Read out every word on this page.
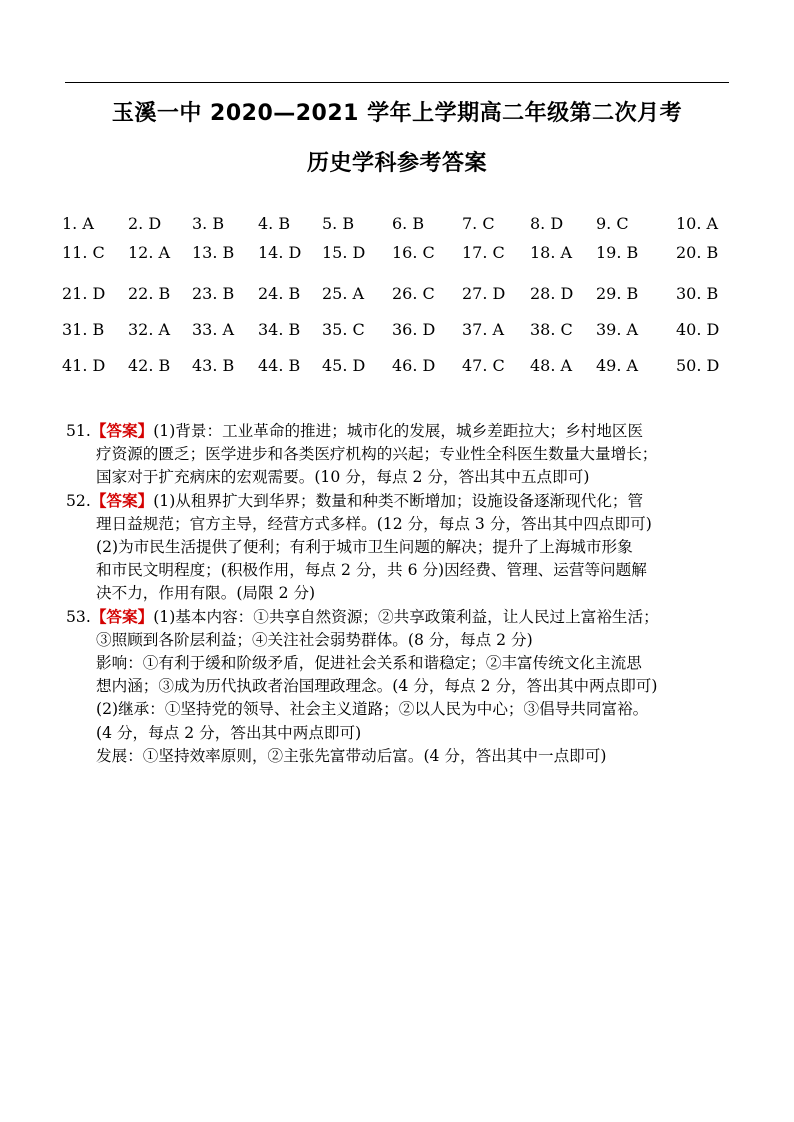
玉溪一中 2020—2021 学年上学期高二年级第二次月考
历史学科参考答案
1. A 2. D 3. B 4. B 5. B 6. B 7. C 8. D 9. C	10. A
11. C 12. A 13. B 14. D 15. D 16. C 17. C 18. A 19. B 20. B
21. D 22. B 23. B 24. B 25. A 26. C 27. D 28. D 29. B 30. B
31. B 32. A 33. A 34. B 35. C 36. D 37. A 38. C 39. A 40. D
41. D 42. B 43. B 44. B 45. D 46. D 47. C 48. A 49. A 50. D
51.【答案】(1)背景：工业革命的推进；城市化的发展，城乡差距拉大；乡村地区医
疗资源的匮乏；医学进步和各类医疗机构的兴起；专业性全科医生数量大量增长；
国家对于扩充病床的宏观需要。(10 分，每点 2 分，答出其中五点即可)
52.【答案】(1)从租界扩大到华界；数量和种类不断增加；设施设备逐渐现代化；管
理日益规范；官方主导，经营方式多样。(12 分，每点 3 分，答出其中四点即可)
(2)为市民生活提供了便利；有利于城市卫生问题的解决；提升了上海城市形象
和市民文明程度；(积极作用，每点 2 分，共 6 分)因经费、管理、运营等问题解
决不力，作用有限。(局限 2 分)
53.【答案】(1)基本内容：①共享自然资源；②共享政策利益，让人民过上富裕生活；
③照顾到各阶层利益；④关注社会弱势群体。(8 分，每点 2 分)
影响：①有利于缓和阶级矛盾，促进社会关系和谐稳定；②丰富传统文化主流思
想内涵；③成为历代执政者治国理政理念。(4 分，每点 2 分，答出其中两点即可)
(2)继承：①坚持党的领导、社会主义道路；②以人民为中心；③倡导共同富裕。
(4 分，每点 2 分，答出其中两点即可)
发展：①坚持效率原则，②主张先富带动后富。(4 分，答出其中一点即可)
